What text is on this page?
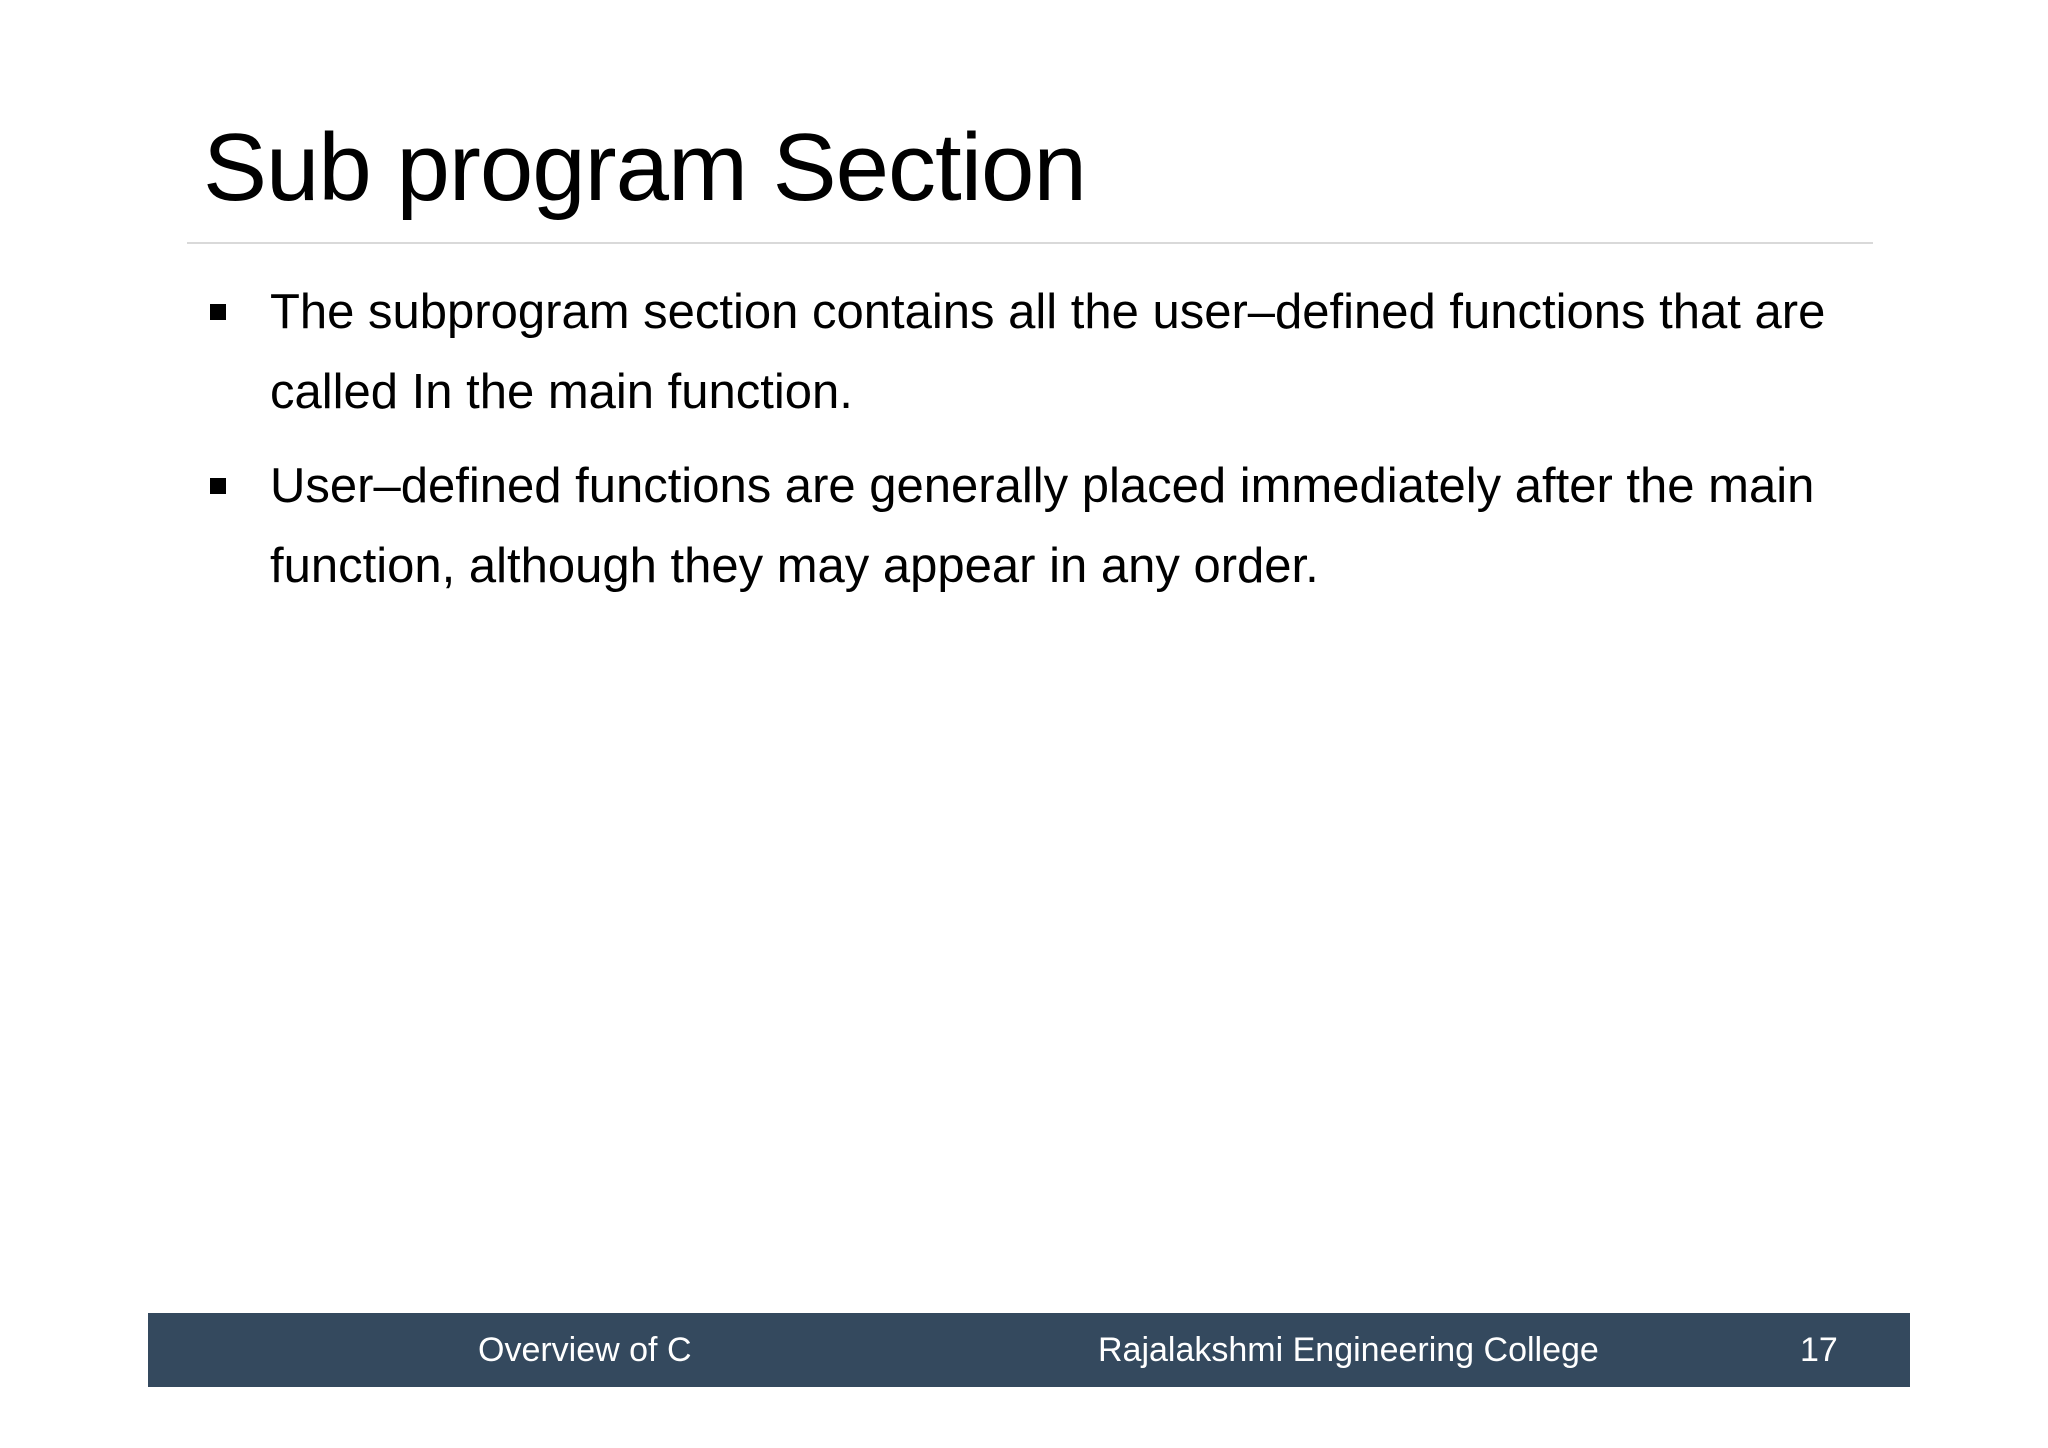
Sub program Section
The subprogram section contains all the user–defined functions that are called In the main function.
User–defined functions are generally placed immediately after the main function, although they may appear in any order.
Overview of C	Rajalakshmi Engineering College	17
